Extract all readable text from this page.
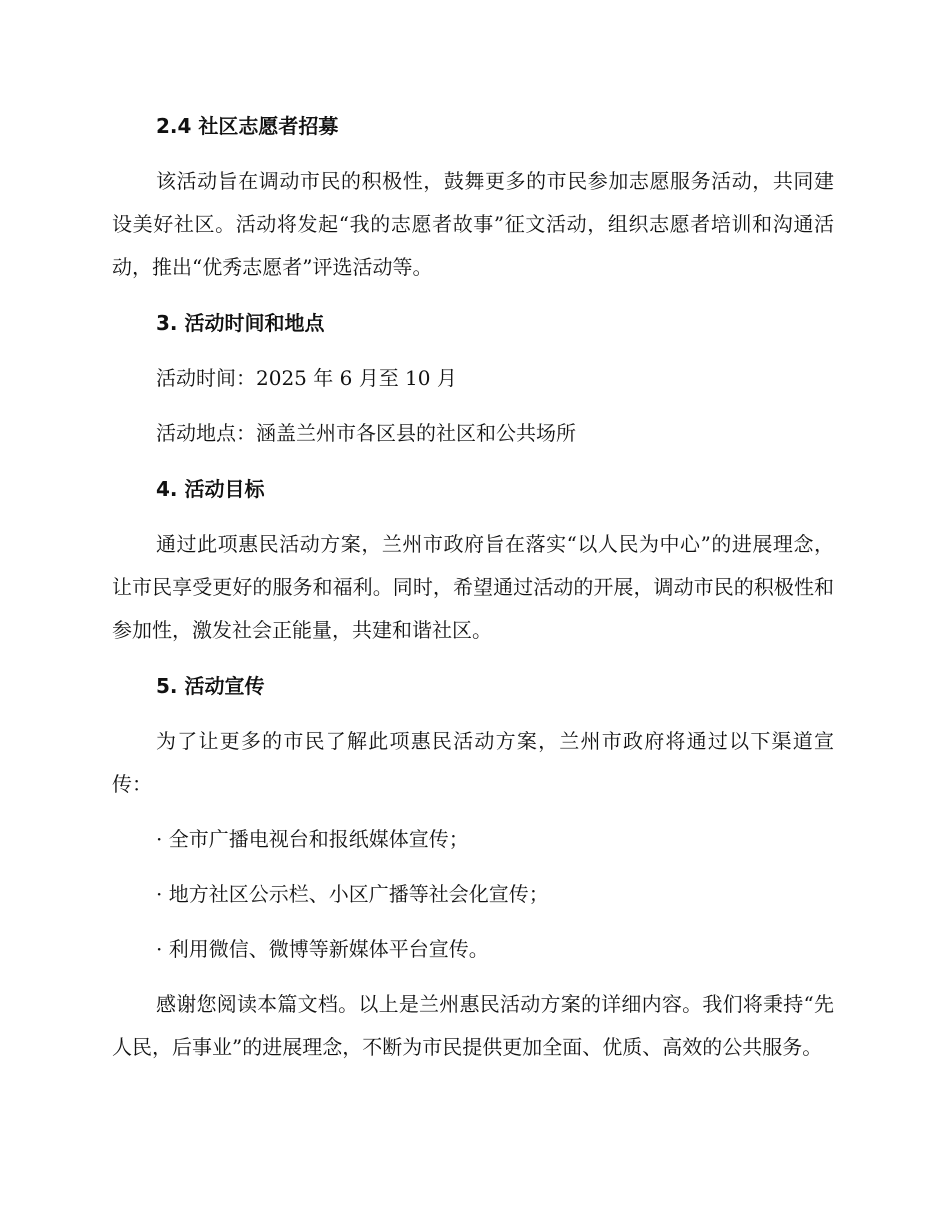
2.4 社区志愿者招募

该活动旨在调动市民的积极性，鼓舞更多的市民参加志愿服务活动，共同建设美好社区。活动将发起“我的志愿者故事”征文活动，组织志愿者培训和沟通活动，推出“优秀志愿者”评选活动等。

3. 活动时间和地点

活动时间：2025 年 6 月至 10 月

活动地点：涵盖兰州市各区县的社区和公共场所

4. 活动目标

通过此项惠民活动方案，兰州市政府旨在落实“以人民为中心”的进展理念，让市民享受更好的服务和福利。同时，希望通过活动的开展，调动市民的积极性和参加性，激发社会正能量，共建和谐社区。

5. 活动宣传

为了让更多的市民了解此项惠民活动方案，兰州市政府将通过以下渠道宣传：

· 全市广播电视台和报纸媒体宣传；

· 地方社区公示栏、小区广播等社会化宣传；

· 利用微信、微博等新媒体平台宣传。

感谢您阅读本篇文档。以上是兰州惠民活动方案的详细内容。我们将秉持“先人民，后事业”的进展理念，不断为市民提供更加全面、优质、高效的公共服务。
